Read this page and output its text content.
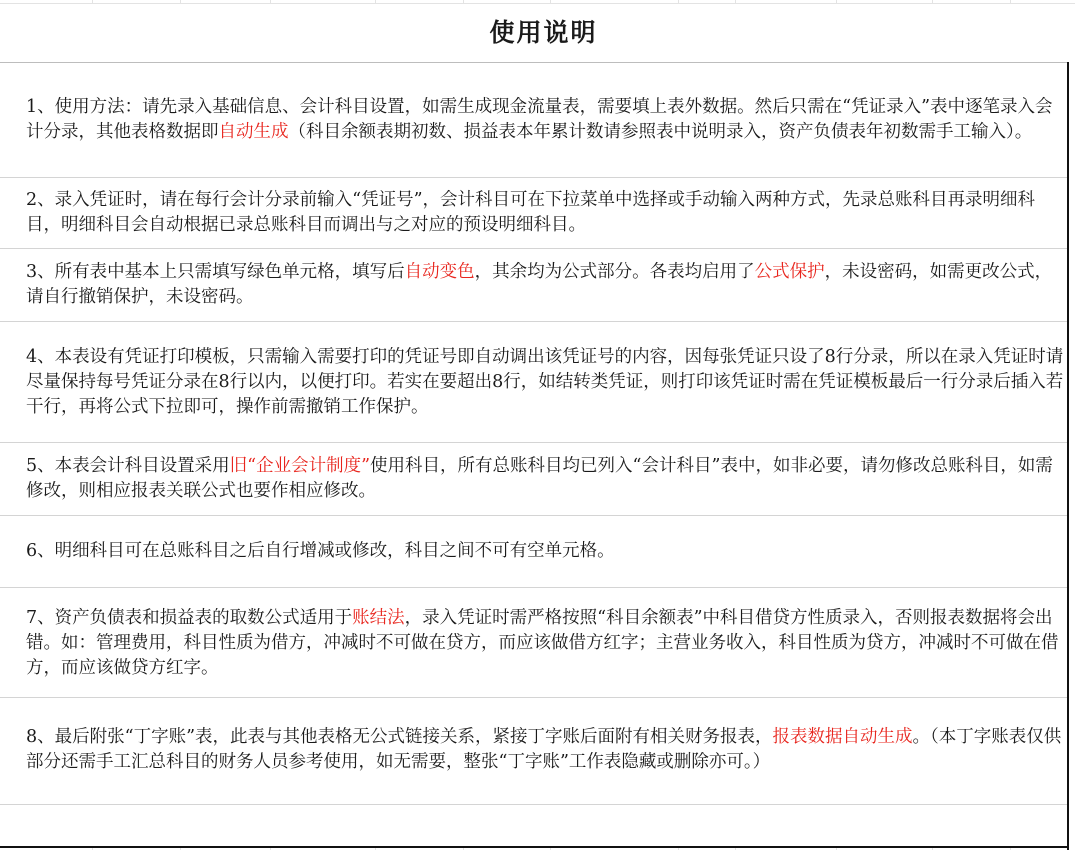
使用说明

1、使用方法：请先录入基础信息、会计科目设置，如需生成现金流量表，需要填上表外数据。然后只需在“凭证录入”表中逐笔录入会计分录，其他表格数据即自动生成（科目余额表期初数、损益表本年累计数请参照表中说明录入，资产负债表年初数需手工输入）。

2、录入凭证时，请在每行会计分录前输入“凭证号”，会计科目可在下拉菜单中选择或手动输入两种方式，先录总账科目再录明细科目，明细科目会自动根据已录总账科目而调出与之对应的预设明细科目。

3、所有表中基本上只需填写绿色单元格，填写后自动变色，其余均为公式部分。各表均启用了公式保护，未设密码，如需更改公式，请自行撤销保护，未设密码。

4、本表设有凭证打印模板，只需输入需要打印的凭证号即自动调出该凭证号的内容，因每张凭证只设了8行分录，所以在录入凭证时请尽量保持每号凭证分录在8行以内，以便打印。若实在要超出8行，如结转类凭证，则打印该凭证时需在凭证模板最后一行分录后插入若干行，再将公式下拉即可，操作前需撤销工作保护。

5、本表会计科目设置采用旧“企业会计制度”使用科目，所有总账科目均已列入“会计科目”表中，如非必要，请勿修改总账科目，如需修改，则相应报表关联公式也要作相应修改。

6、明细科目可在总账科目之后自行增减或修改，科目之间不可有空单元格。

7、资产负债表和损益表的取数公式适用于账结法，录入凭证时需严格按照“科目余额表”中科目借贷方性质录入，否则报表数据将会出错。如：管理费用，科目性质为借方，冲减时不可做在贷方，而应该做借方红字；主营业务收入，科目性质为贷方，冲减时不可做在借方，而应该做贷方红字。

8、最后附张“丁字账”表，此表与其他表格无公式链接关系，紧接丁字账后面附有相关财务报表，报表数据自动生成。（本丁字账表仅供部分还需手工汇总科目的财务人员参考使用，如无需要，整张“丁字账”工作表隐藏或删除亦可。）
